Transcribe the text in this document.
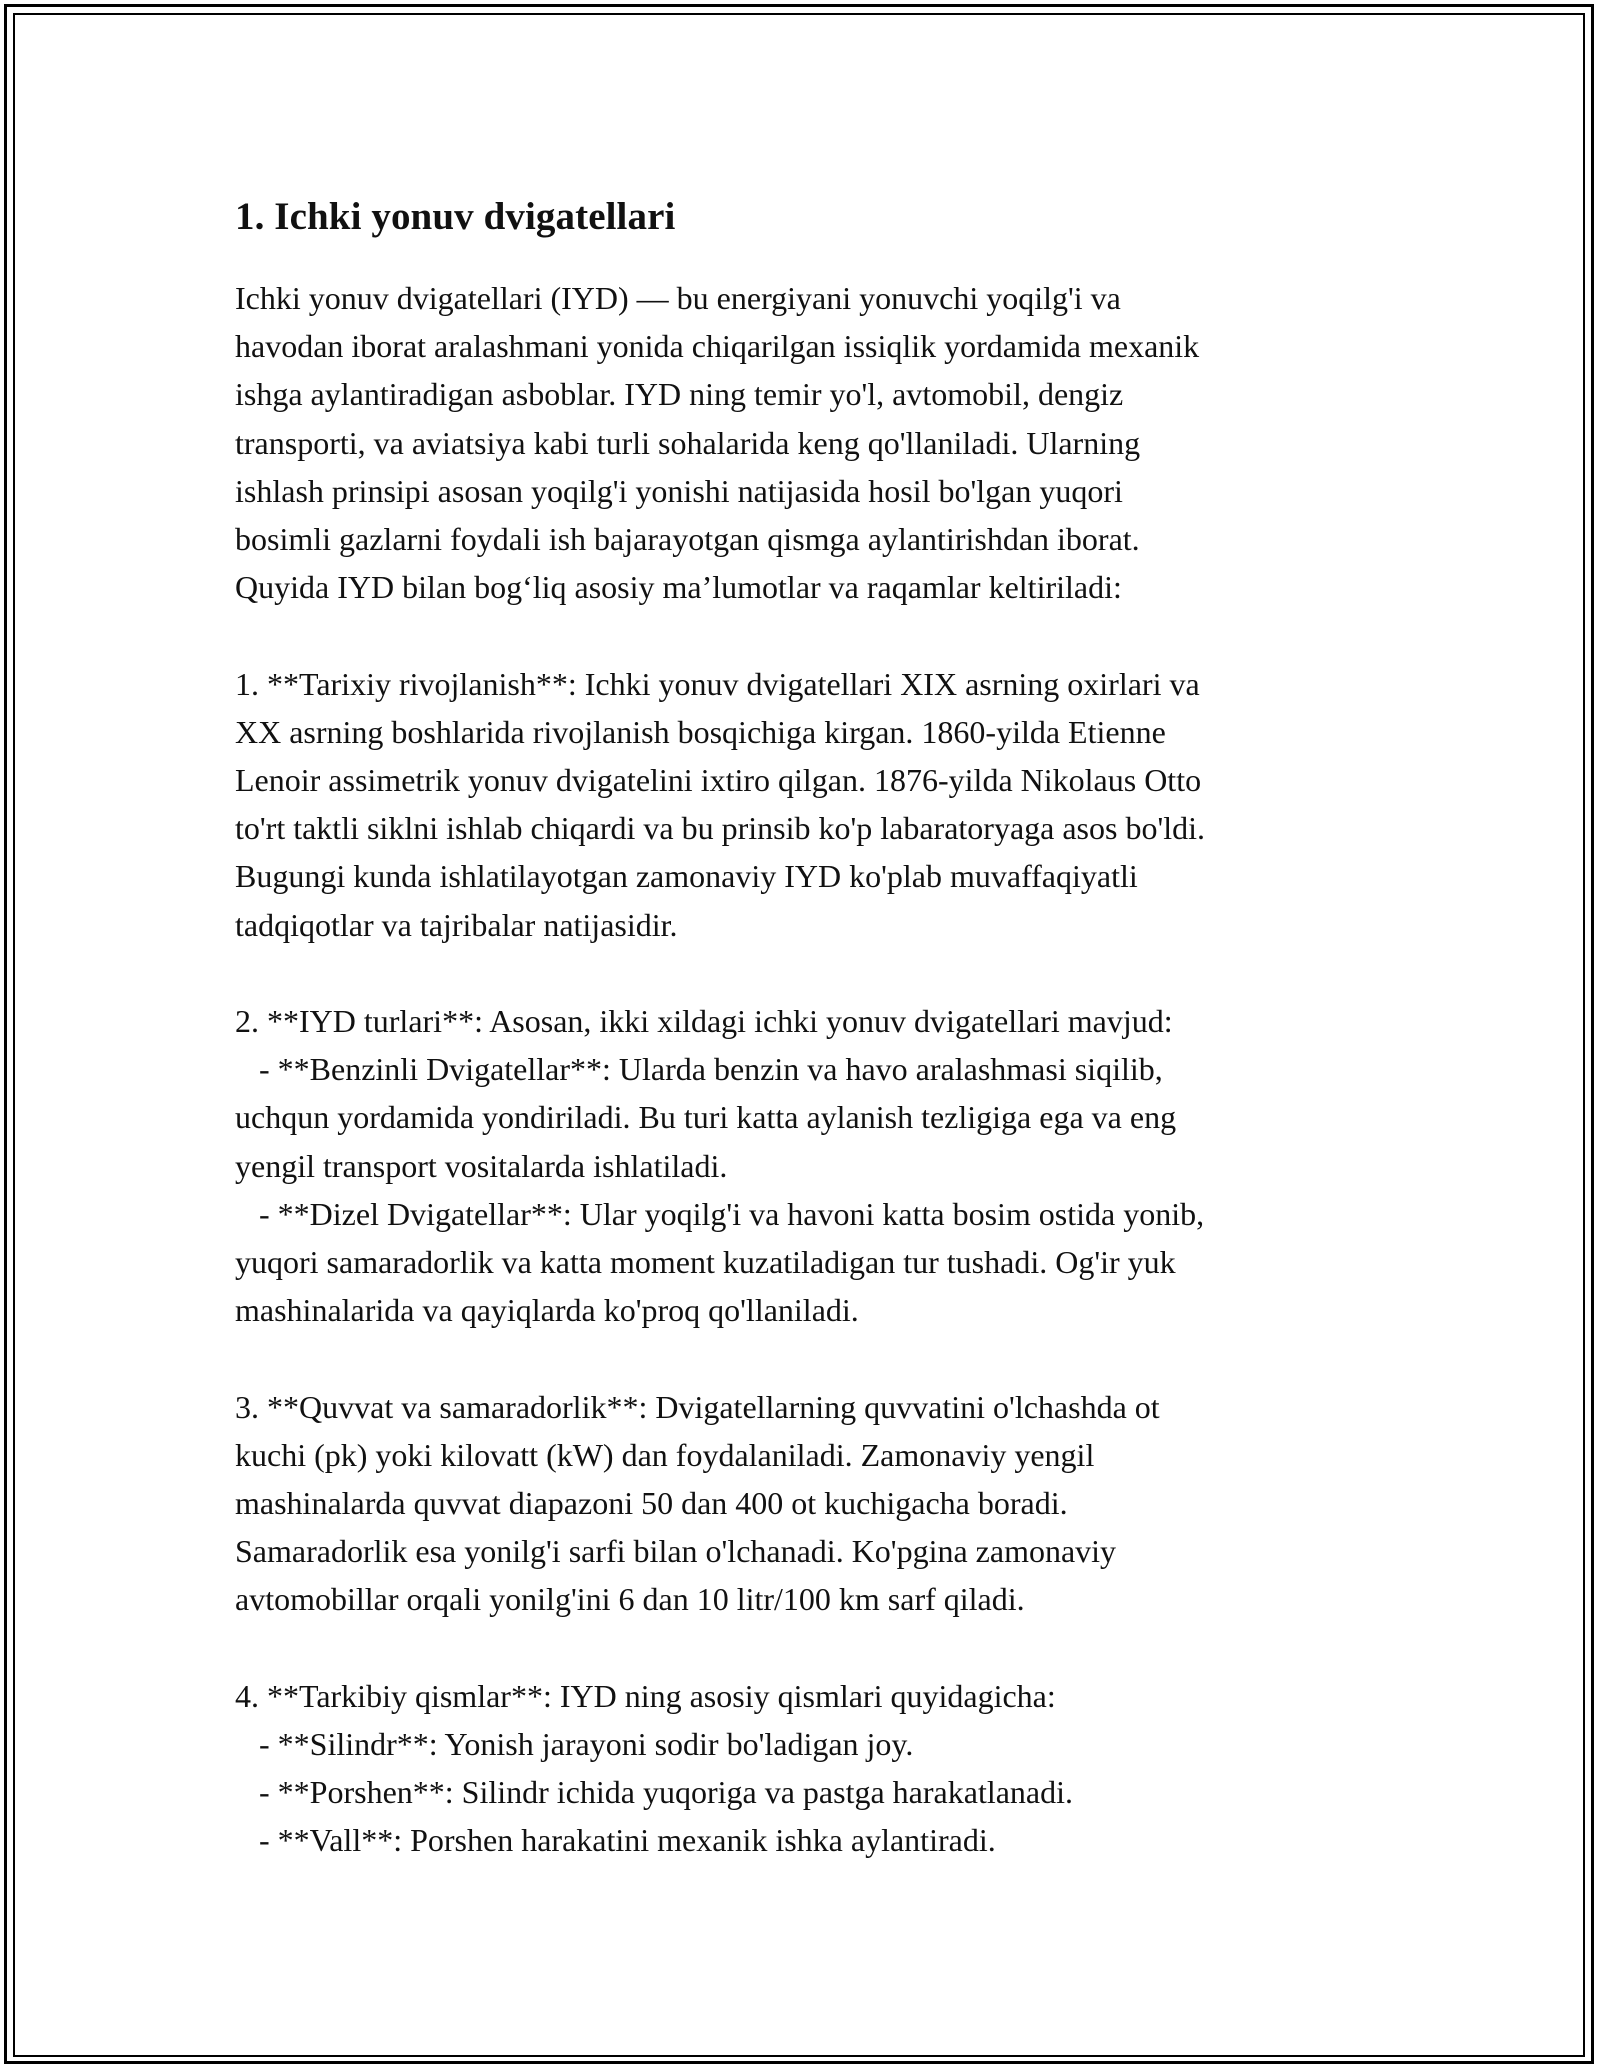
1. Ichki yonuv dvigatellari

Ichki yonuv dvigatellari (IYD) — bu energiyani yonuvchi yoqilg'i va
havodan iborat aralashmani yonida chiqarilgan issiqlik yordamida mexanik
ishga aylantiradigan asboblar. IYD ning temir yo'l, avtomobil, dengiz
transporti, va aviatsiya kabi turli sohalarida keng qo'llaniladi. Ularning
ishlash prinsipi asosan yoqilg'i yonishi natijasida hosil bo'lgan yuqori
bosimli gazlarni foydali ish bajarayotgan qismga aylantirishdan iborat.
Quyida IYD bilan bog‘liq asosiy ma’lumotlar va raqamlar keltiriladi:

1. **Tarixiy rivojlanish**: Ichki yonuv dvigatellari XIX asrning oxirlari va
XX asrning boshlarida rivojlanish bosqichiga kirgan. 1860-yilda Etienne
Lenoir assimetrik yonuv dvigatelini ixtiro qilgan. 1876-yilda Nikolaus Otto
to'rt taktli siklni ishlab chiqardi va bu prinsib ko'p labaratoryaga asos bo'ldi.
Bugungi kunda ishlatilayotgan zamonaviy IYD ko'plab muvaffaqiyatli
tadqiqotlar va tajribalar natijasidir.

2. **IYD turlari**: Asosan, ikki xildagi ichki yonuv dvigatellari mavjud:
- **Benzinli Dvigatellar**: Ularda benzin va havo aralashmasi siqilib,
uchqun yordamida yondiriladi. Bu turi katta aylanish tezligiga ega va eng
yengil transport vositalarda ishlatiladi.
- **Dizel Dvigatellar**: Ular yoqilg'i va havoni katta bosim ostida yonib,
yuqori samaradorlik va katta moment kuzatiladigan tur tushadi. Og'ir yuk
mashinalarida va qayiqlarda ko'proq qo'llaniladi.

3. **Quvvat va samaradorlik**: Dvigatellarning quvvatini o'lchashda ot
kuchi (pk) yoki kilovatt (kW) dan foydalaniladi. Zamonaviy yengil
mashinalarda quvvat diapazoni 50 dan 400 ot kuchigacha boradi.
Samaradorlik esa yonilg'i sarfi bilan o'lchanadi. Ko'pgina zamonaviy
avtomobillar orqali yonilg'ini 6 dan 10 litr/100 km sarf qiladi.

4. **Tarkibiy qismlar**: IYD ning asosiy qismlari quyidagicha:
- **Silindr**: Yonish jarayoni sodir bo'ladigan joy.
- **Porshen**: Silindr ichida yuqoriga va pastga harakatlanadi.
- **Vall**: Porshen harakatini mexanik ishka aylantiradi.
